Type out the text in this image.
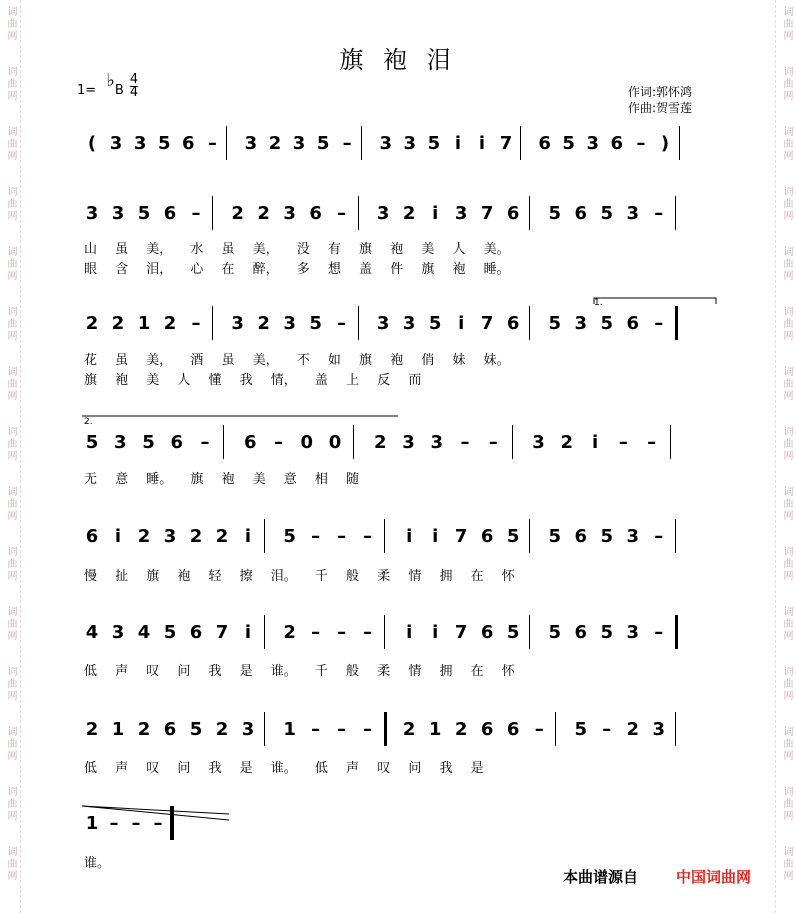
词曲网
词曲网
词曲网
词曲网
词曲网
词曲网
词曲网
词曲网
词曲网
词曲网
词曲网
词曲网
词曲网
词曲网
词曲网
词曲网
词曲网
词曲网
词曲网
词曲网
词曲网
词曲网
词曲网
词曲网
词曲网
词曲网
词曲网
词曲网
词曲网
词曲网
旗 袍 泪
1= ♭B $\frac{4}{4}$	作词:郭怀鸿
作曲:贺雪莲
( 3 3 5 6 – 3 2 3 5 – 3 3 5 i i 7 6 5 3 6 – )
3 3 5 6 – 2 2 3 6 – 3 2 i 3 7 6 5 6 5 3 –
山 虽 美， 水 虽 美， 没 有 旗 袍 美 人 美。
眼 含 泪， 心 在 醉， 多 想 盖 件 旗 袍 睡。
2 2 1 2 – 3 2 3 5 – 3 3 5 i 7 6 5 3 5 6 –
花 虽 美， 酒 虽 美， 不 如 旗 袍 俏 妹 妹。
旗 袍 美 人 懂 我 情， 盖 上 反 而
5 3 5 6 – 6 – 0 0 2 3 3 – – 3 2 i – –
无 意 睡。 旗 袍 美 意 相 随
6 i 2 3 2 2 i 5 – – – i i 7 6 5 5 6 5 3 –
慢 扯 旗 袍 轻 擦 泪。 千 般 柔 情 拥 在 怀
4 3 4 5 6 7 i 2 – – – i i 7 6 5 5 6 5 3 –
低 声 叹 问 我 是 谁。 千 般 柔 情 拥 在 怀
2 1 2 6 5 2 3 1 – – – 2 1 2 6 6 – 5 – 2 3
低 声 叹 问 我 是 谁。 低 声 叹 问 我 是
1 – – –
谁。
1.
2.
本曲谱源自	中国词曲网
